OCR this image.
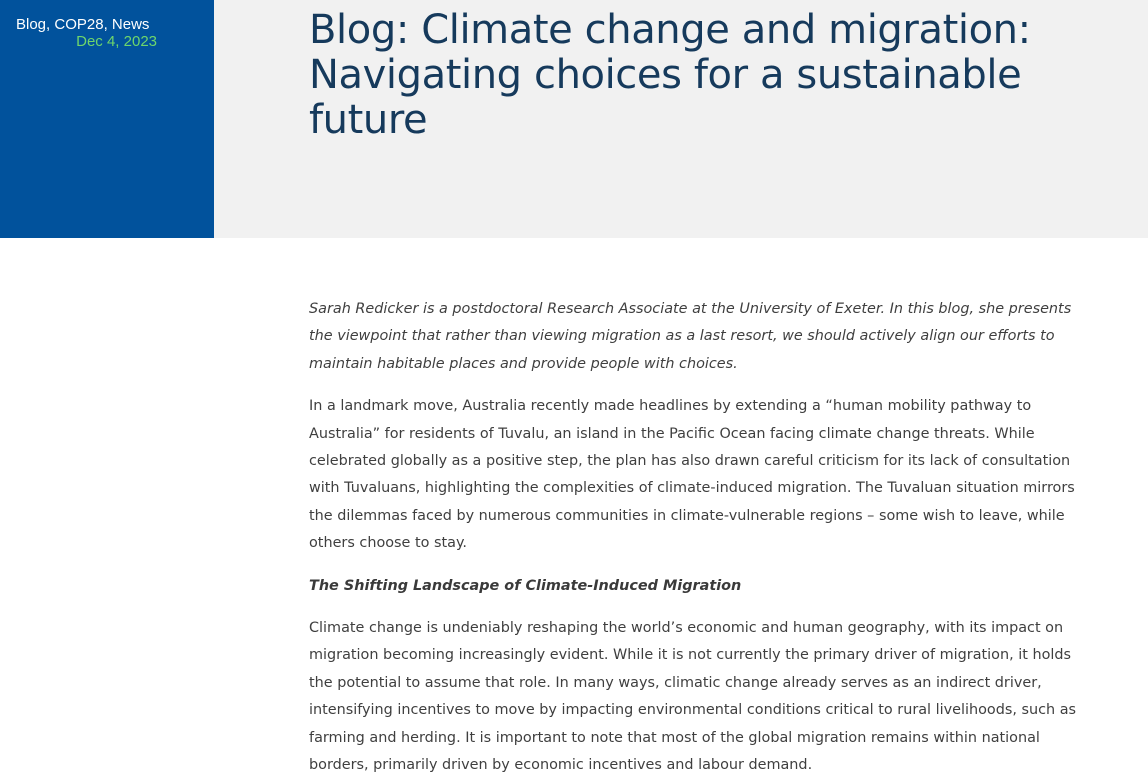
Blog, COP28, News
Dec 4, 2023	Blog: Climate change and migration: Navigating choices for a sustainable future

Sarah Redicker is a postdoctoral Research Associate at the University of Exeter. In this blog, she presents the viewpoint that rather than viewing migration as a last resort, we should actively align our efforts to maintain habitable places and provide people with choices.

In a landmark move, Australia recently made headlines by extending a “human mobility pathway to Australia” for residents of Tuvalu, an island in the Pacific Ocean facing climate change threats. While celebrated globally as a positive step, the plan has also drawn careful criticism for its lack of consultation with Tuvaluans, highlighting the complexities of climate-induced migration. The Tuvaluan situation mirrors the dilemmas faced by numerous communities in climate-vulnerable regions – some wish to leave, while others choose to stay.

The Shifting Landscape of Climate-Induced Migration

Climate change is undeniably reshaping the world’s economic and human geography, with its impact on migration becoming increasingly evident. While it is not currently the primary driver of migration, it holds the potential to assume that role. In many ways, climatic change already serves as an indirect driver, intensifying incentives to move by impacting environmental conditions critical to rural livelihoods, such as farming and herding. It is important to note that most of the global migration remains within national borders, primarily driven by economic incentives and labour demand.
